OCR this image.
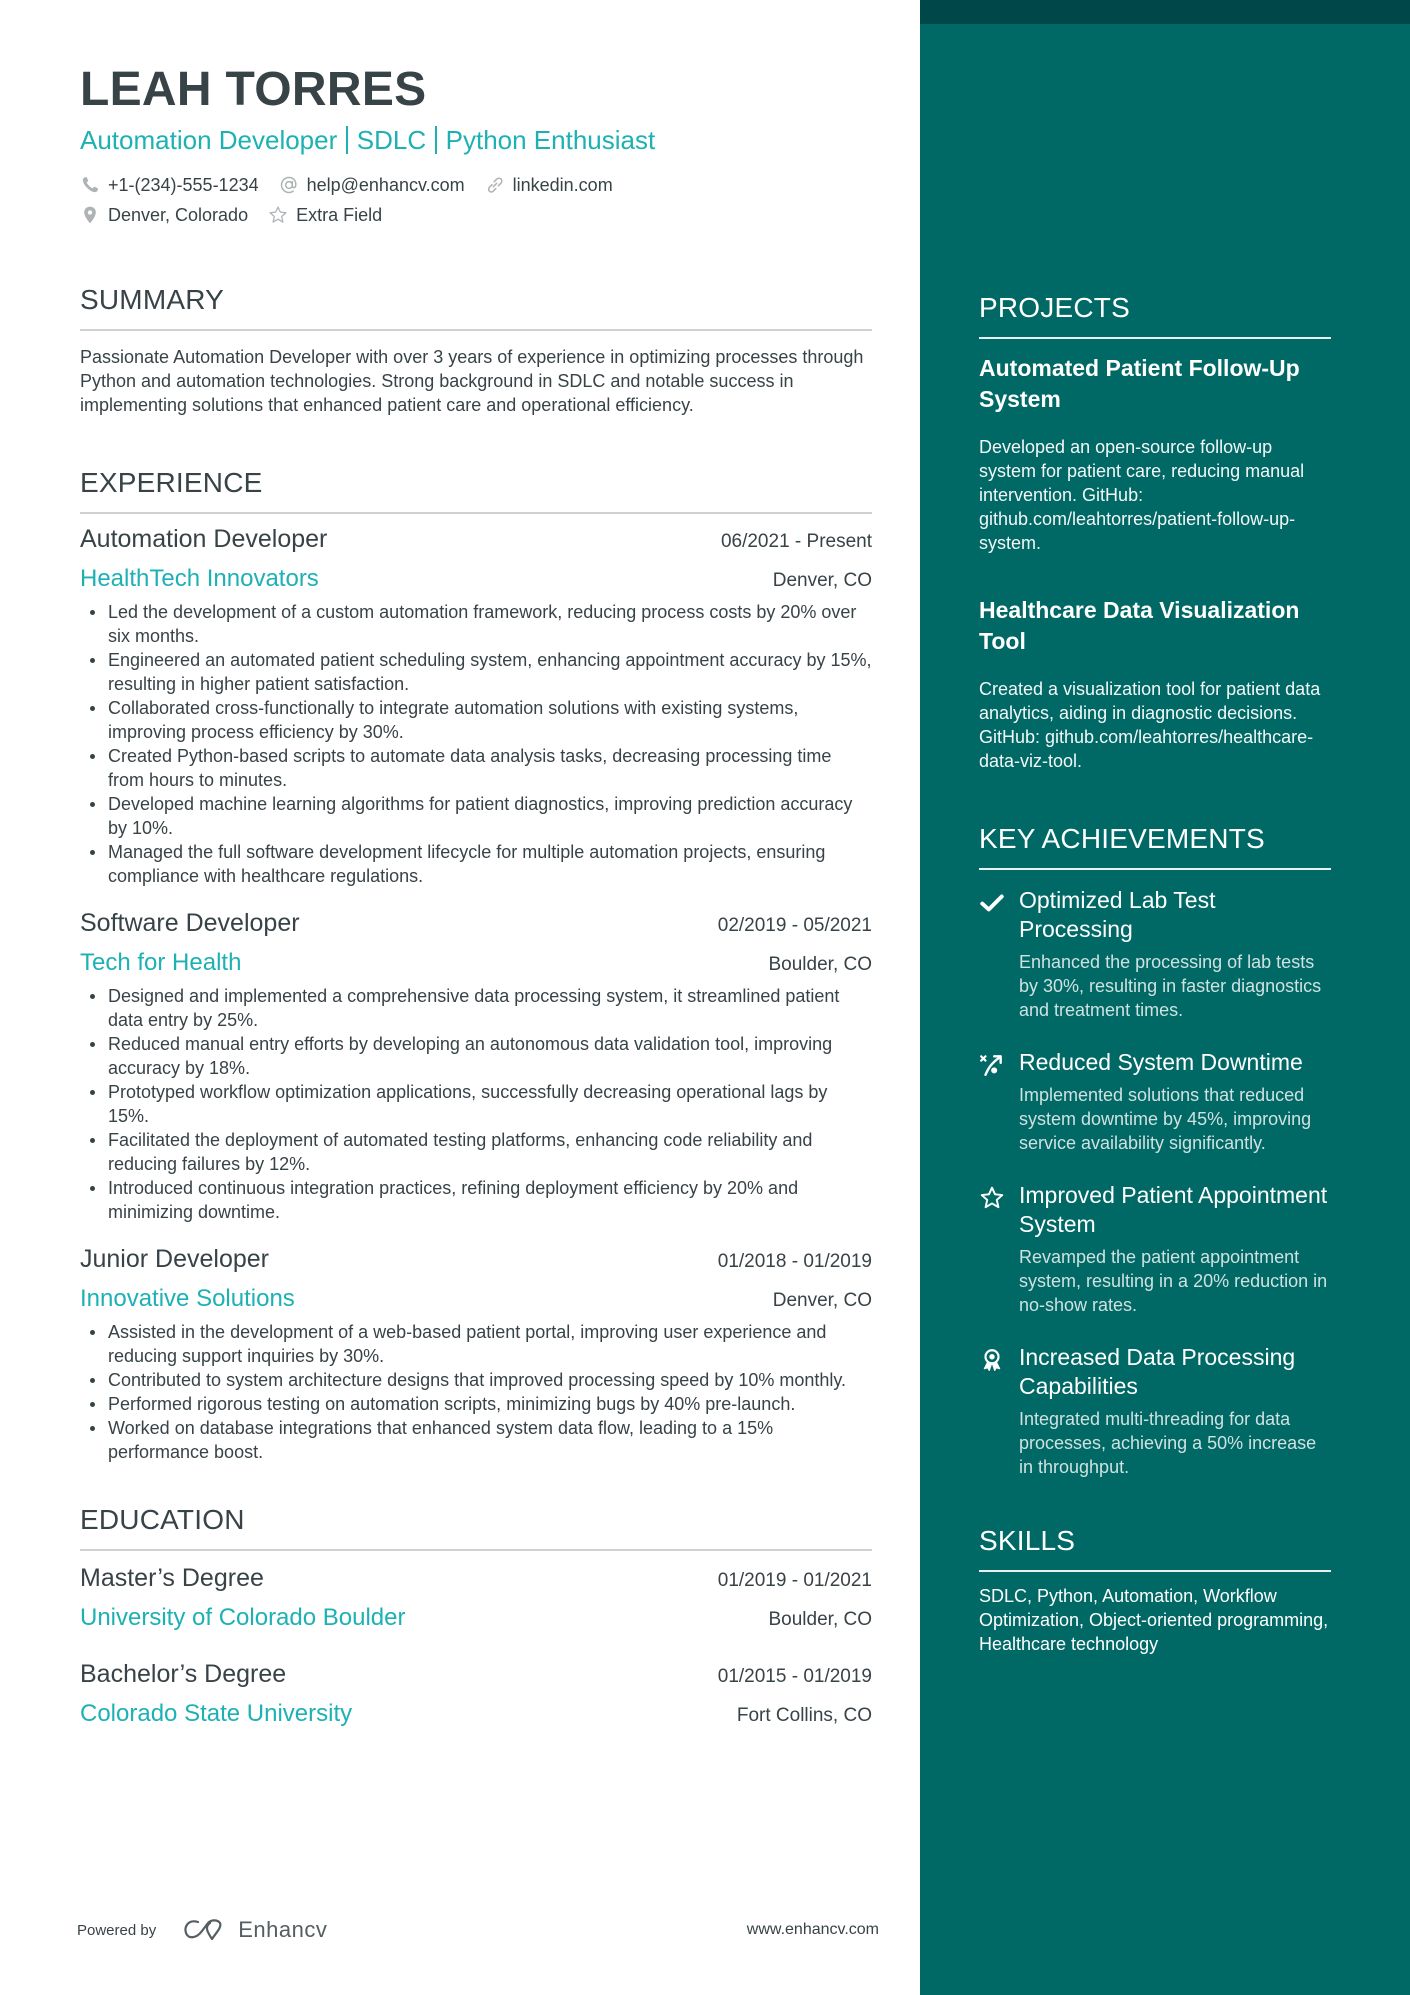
PROJECTS
Automated Patient Follow-Up System
Developed an open-source follow-up system for patient care, reducing manual intervention. GitHub: github.com/leahtorres/patient-follow-up-system.
Healthcare Data Visualization Tool
Created a visualization tool for patient data analytics, aiding in diagnostic decisions. GitHub: github.com/leahtorres/healthcare-data-viz-tool.
KEY ACHIEVEMENTS
Optimized Lab Test Processing
Enhanced the processing of lab tests by 30%, resulting in faster diagnostics and treatment times.
Reduced System Downtime
Implemented solutions that reduced system downtime by 45%, improving service availability significantly.
Improved Patient Appointment System
Revamped the patient appointment system, resulting in a 20% reduction in no-show rates.
Increased Data Processing Capabilities
Integrated multi-threading for data processes, achieving a 50% increase in throughput.
SKILLS
SDLC, Python, Automation, Workflow Optimization, Object-oriented programming, Healthcare technology
LEAH TORRES
Automation Developer SDLC Python Enthusiast
+1-(234)-555-1234	help@enhancv.com	linkedin.com
Denver, Colorado	Extra Field
SUMMARY

Passionate Automation Developer with over 3 years of experience in optimizing processes through Python and automation technologies. Strong background in SDLC and notable success in implementing solutions that enhanced patient care and operational efficiency.

EXPERIENCE
Automation Developer	06/2021 - Present
HealthTech Innovators	Denver, CO
Led the development of a custom automation framework, reducing process costs by 20% over six months.
Engineered an automated patient scheduling system, enhancing appointment accuracy by 15%, resulting in higher patient satisfaction.
Collaborated cross-functionally to integrate automation solutions with existing systems, improving process efficiency by 30%.
Created Python-based scripts to automate data analysis tasks, decreasing processing time from hours to minutes.
Developed machine learning algorithms for patient diagnostics, improving prediction accuracy by 10%.
Managed the full software development lifecycle for multiple automation projects, ensuring compliance with healthcare regulations.
Software Developer	02/2019 - 05/2021
Tech for Health	Boulder, CO
Designed and implemented a comprehensive data processing system, it streamlined patient data entry by 25%.
Reduced manual entry efforts by developing an autonomous data validation tool, improving accuracy by 18%.
Prototyped workflow optimization applications, successfully decreasing operational lags by 15%.
Facilitated the deployment of automated testing platforms, enhancing code reliability and reducing failures by 12%.
Introduced continuous integration practices, refining deployment efficiency by 20% and minimizing downtime.
Junior Developer	01/2018 - 01/2019
Innovative Solutions	Denver, CO
Assisted in the development of a web-based patient portal, improving user experience and reducing support inquiries by 30%.
Contributed to system architecture designs that improved processing speed by 10% monthly.
Performed rigorous testing on automation scripts, minimizing bugs by 40% pre-launch.
Worked on database integrations that enhanced system data flow, leading to a 15% performance boost.
EDUCATION
Master’s Degree	01/2019 - 01/2021
University of Colorado Boulder	Boulder, CO
Bachelor’s Degree	01/2015 - 01/2019
Colorado State University	Fort Collins, CO
Powered by	Enhancv	www.enhancv.com
